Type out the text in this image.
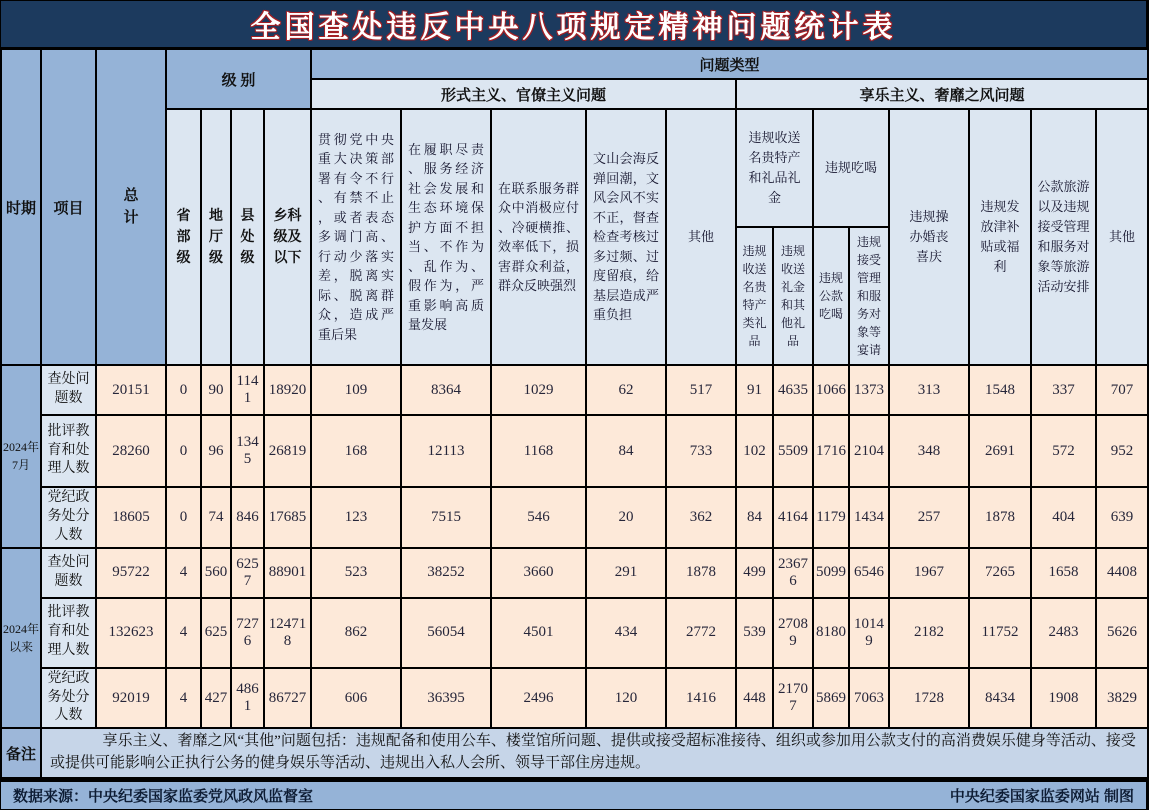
全国查处违反中央八项规定精神问题统计表
时期	项目	总计	级 别				问题类型												
							形式主义、官僚主义问题					享乐主义、奢靡之风问题							
			省部级	地厅级	县处级	乡科级及以下	贯彻党中央重大决策部署有令不行、有禁不止，或者表态多调门高、行动少落实差，脱离实际、脱离群众，造成严重后果	在履职尽责、服务经济社会发展和生态环境保护方面不担当、不作为、乱作为、假作为，严重影响高质量发展	在联系服务群众中消极应付、冷硬横推、效率低下，损害群众利益，群众反映强烈	文山会海反弹回潮，文风会风不实不正，督查检查考核过多过频、过度留痕，给基层造成严重负担	其他	违规收送名贵特产和礼品礼金		违规吃喝		违规操办婚丧喜庆	违规发放津补贴或福利	公款旅游以及违规接受管理和服务对象等旅游活动安排	其他
												违规收送名贵特产类礼品	违规收送礼金和其他礼品	违规公款吃喝	违规接受管理和服务对象等宴请				
2024年7月	查处问题数	20151	0	90	1141	18920	109	8364	1029	62	517	91	4635	1066	1373	313	1548	337	707
	批评教育和处理人数	28260	0	96	1345	26819	168	12113	1168	84	733	102	5509	1716	2104	348	2691	572	952
	党纪政务处分人数	18605	0	74	846	17685	123	7515	546	20	362	84	4164	1179	1434	257	1878	404	639
2024年以来	查处问题数	95722	4	560	6257	88901	523	38252	3660	291	1878	499	23676	5099	6546	1967	7265	1658	4408
	批评教育和处理人数	132623	4	625	7276	124718	862	56054	4501	434	2772	539	27089	8180	10149	2182	11752	2483	5626
	党纪政务处分人数	92019	4	427	4861	86727	606	36395	2496	120	1416	448	21707	5869	7063	1728	8434	1908	3829
备注	享乐主义、奢靡之风“其他”问题包括：违规配备和使用公车、楼堂馆所问题、提供或接受超标准接待、组织或参加用公款支付的高消费娱乐健身等活动、接受或提供可能影响公正执行公务的健身娱乐等活动、违规出入私人会所、领导干部住房违规。																		
数据来源：中央纪委国家监委党风政风监督室	中央纪委国家监委网站 制图
